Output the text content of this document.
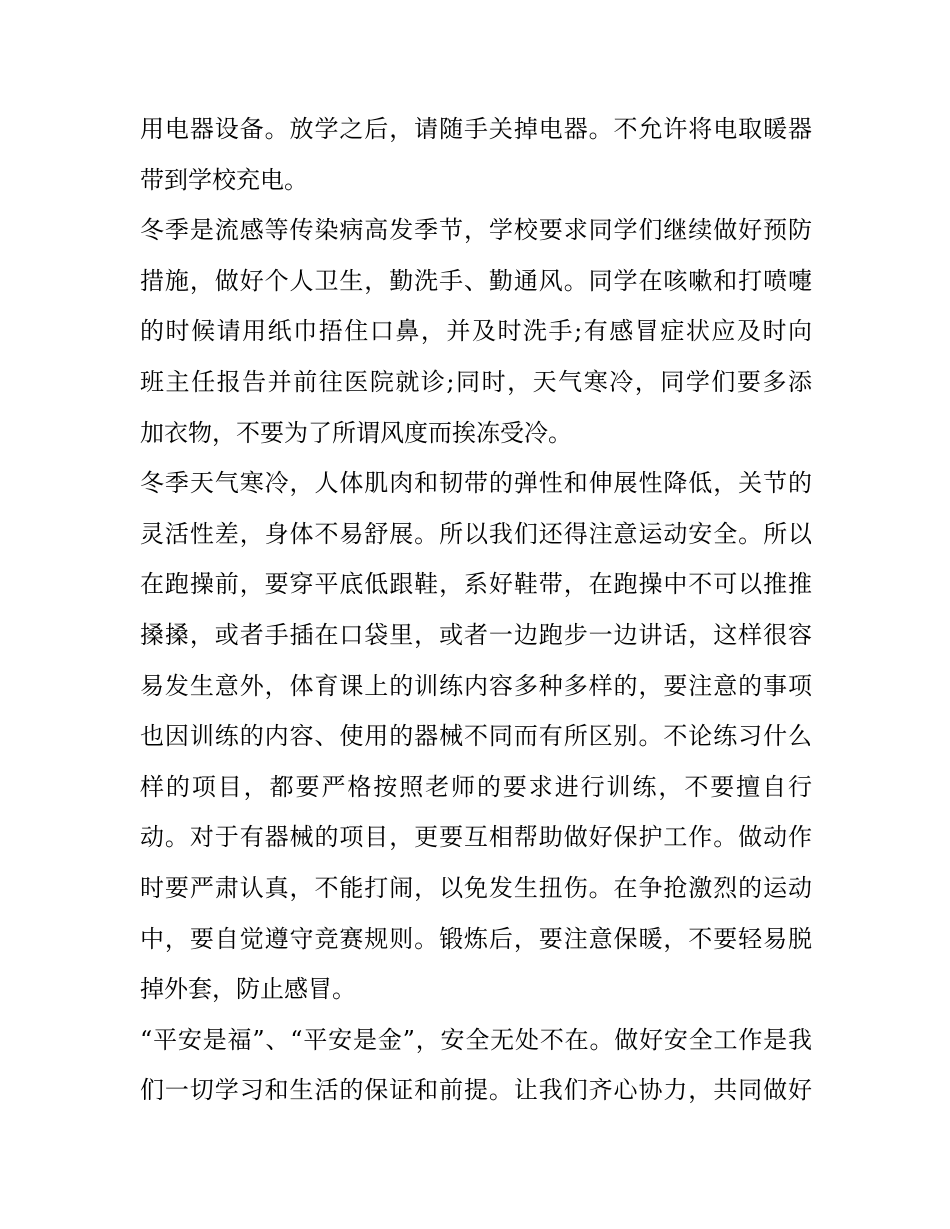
用电器设备。放学之后，请随手关掉电器。不允许将电取暖器
带到学校充电。
冬季是流感等传染病高发季节，学校要求同学们继续做好预防
措施，做好个人卫生，勤洗手、勤通风。同学在咳嗽和打喷嚏
的时候请用纸巾捂住口鼻，并及时洗手;有感冒症状应及时向
班主任报告并前往医院就诊;同时，天气寒冷，同学们要多添
加衣物，不要为了所谓风度而挨冻受冷。
冬季天气寒冷，人体肌肉和韧带的弹性和伸展性降低，关节的
灵活性差，身体不易舒展。所以我们还得注意运动安全。所以
在跑操前，要穿平底低跟鞋，系好鞋带，在跑操中不可以推推
搡搡，或者手插在口袋里，或者一边跑步一边讲话，这样很容
易发生意外，体育课上的训练内容多种多样的，要注意的事项
也因训练的内容、使用的器械不同而有所区别。不论练习什么
样的项目，都要严格按照老师的要求进行训练，不要擅自行
动。对于有器械的项目，更要互相帮助做好保护工作。做动作
时要严肃认真，不能打闹，以免发生扭伤。在争抢激烈的运动
中，要自觉遵守竞赛规则。锻炼后，要注意保暖，不要轻易脱
掉外套，防止感冒。
“平安是福”、“平安是金”，安全无处不在。做好安全工作是我
们一切学习和生活的保证和前提。让我们齐心协力，共同做好
